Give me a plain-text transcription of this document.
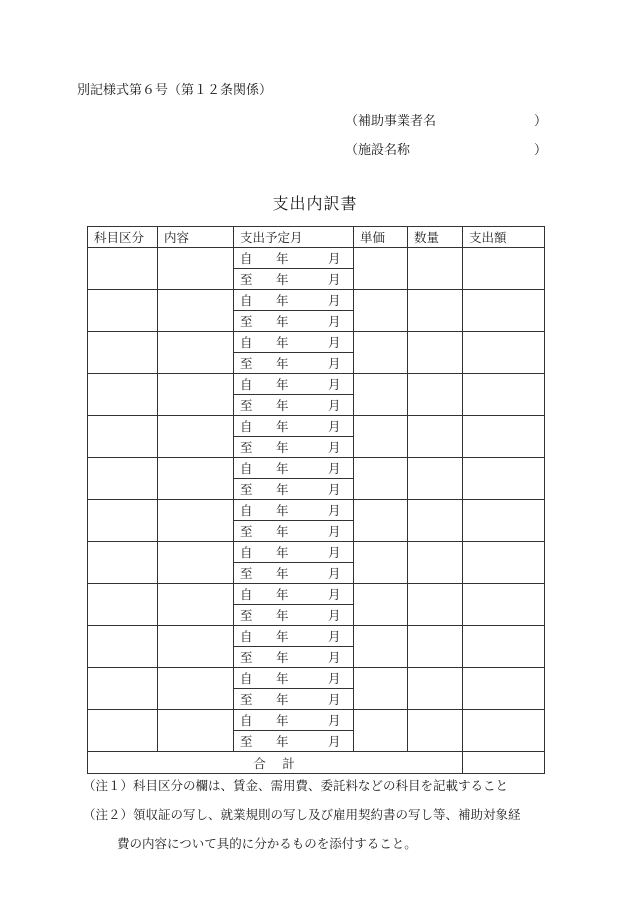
別記様式第６号（第１２条関係）
（補助事業者名	）
（施設名称	）
支出内訳書
科目区分	内容	支出予定月	単価	数量	支出額
		自 年 月			
		至 年 月			
		自 年 月			
		至 年 月			
		自 年 月			
		至 年 月			
		自 年 月			
		至 年 月			
		自 年 月			
		至 年 月			
		自 年 月			
		至 年 月			
		自 年 月			
		至 年 月			
		自 年 月			
		至 年 月			
		自 年 月			
		至 年 月			
		自 年 月			
		至 年 月			
		自 年 月			
		至 年 月			
		自 年 月			
		至 年 月			
合　計					
（注１）科目区分の欄は、賃金、需用費、委託料などの科目を記載すること
（注２）領収証の写し、就業規則の写し及び雇用契約書の写し等、補助対象経
費の内容について具的に分かるものを添付すること。
